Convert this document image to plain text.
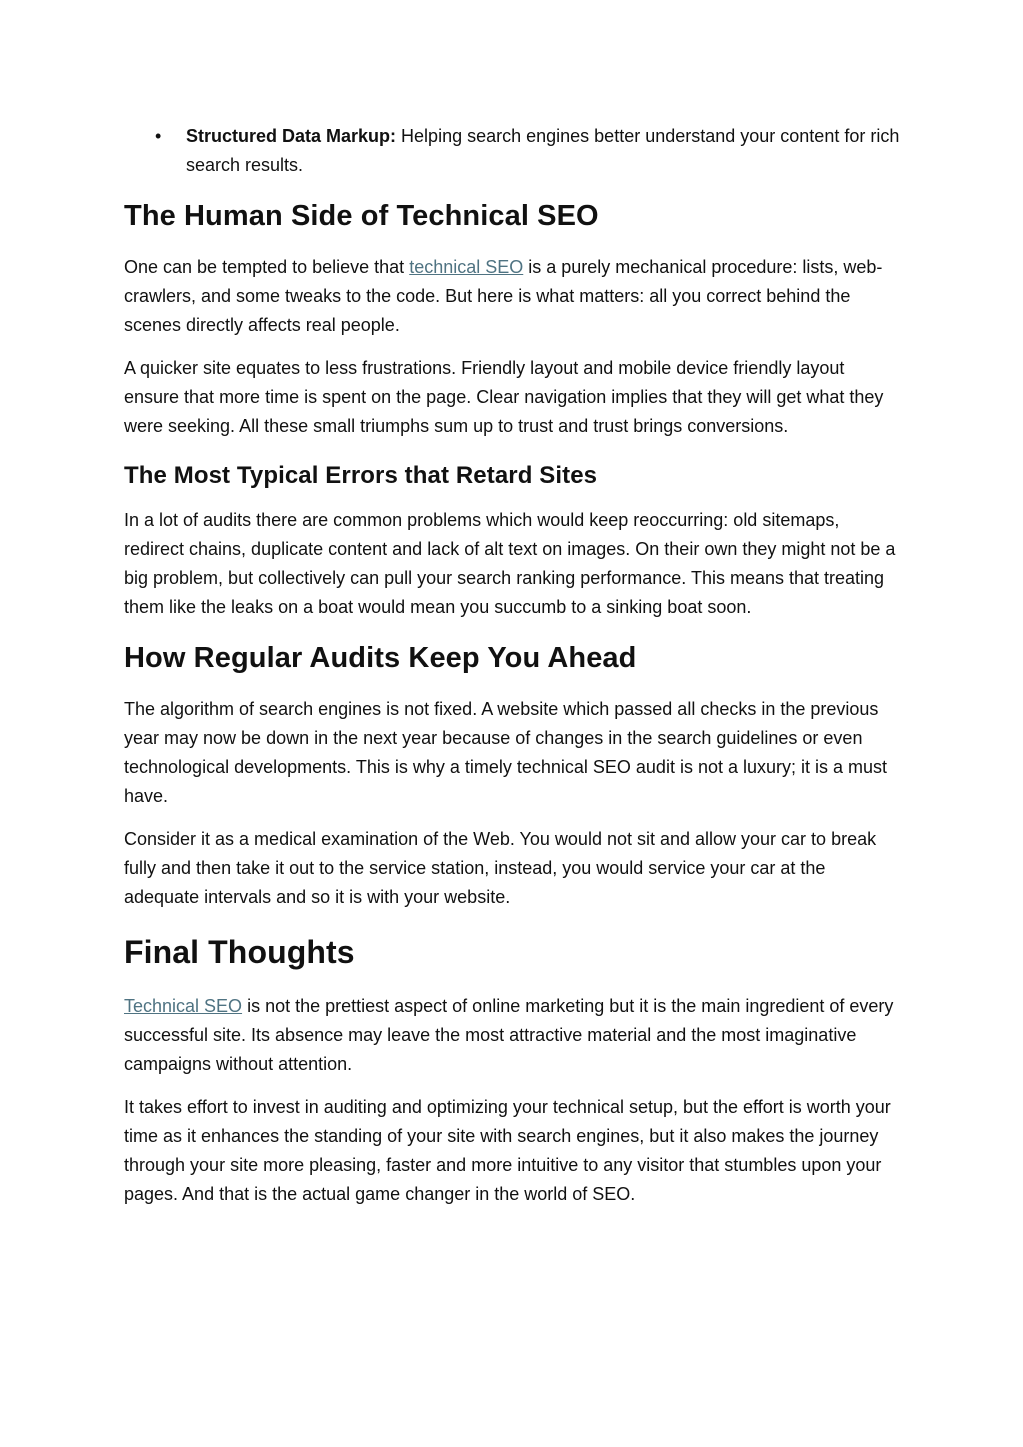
• Structured Data Markup: Helping search engines better understand your content for rich search results.
The Human Side of Technical SEO

One can be tempted to believe that technical SEO is a purely mechanical procedure: lists, web-crawlers, and some tweaks to the code. But here is what matters: all you correct behind the scenes directly affects real people.

A quicker site equates to less frustrations. Friendly layout and mobile device friendly layout ensure that more time is spent on the page. Clear navigation implies that they will get what they were seeking. All these small triumphs sum up to trust and trust brings conversions.

The Most Typical Errors that Retard Sites

In a lot of audits there are common problems which would keep reoccurring: old sitemaps, redirect chains, duplicate content and lack of alt text on images. On their own they might not be a big problem, but collectively can pull your search ranking performance. This means that treating them like the leaks on a boat would mean you succumb to a sinking boat soon.

How Regular Audits Keep You Ahead

The algorithm of search engines is not fixed. A website which passed all checks in the previous year may now be down in the next year because of changes in the search guidelines or even technological developments. This is why a timely technical SEO audit is not a luxury; it is a must have.

Consider it as a medical examination of the Web. You would not sit and allow your car to break fully and then take it out to the service station, instead, you would service your car at the adequate intervals and so it is with your website.

Final Thoughts

Technical SEO is not the prettiest aspect of online marketing but it is the main ingredient of every successful site. Its absence may leave the most attractive material and the most imaginative campaigns without attention.

It takes effort to invest in auditing and optimizing your technical setup, but the effort is worth your time as it enhances the standing of your site with search engines, but it also makes the journey through your site more pleasing, faster and more intuitive to any visitor that stumbles upon your pages. And that is the actual game changer in the world of SEO.
